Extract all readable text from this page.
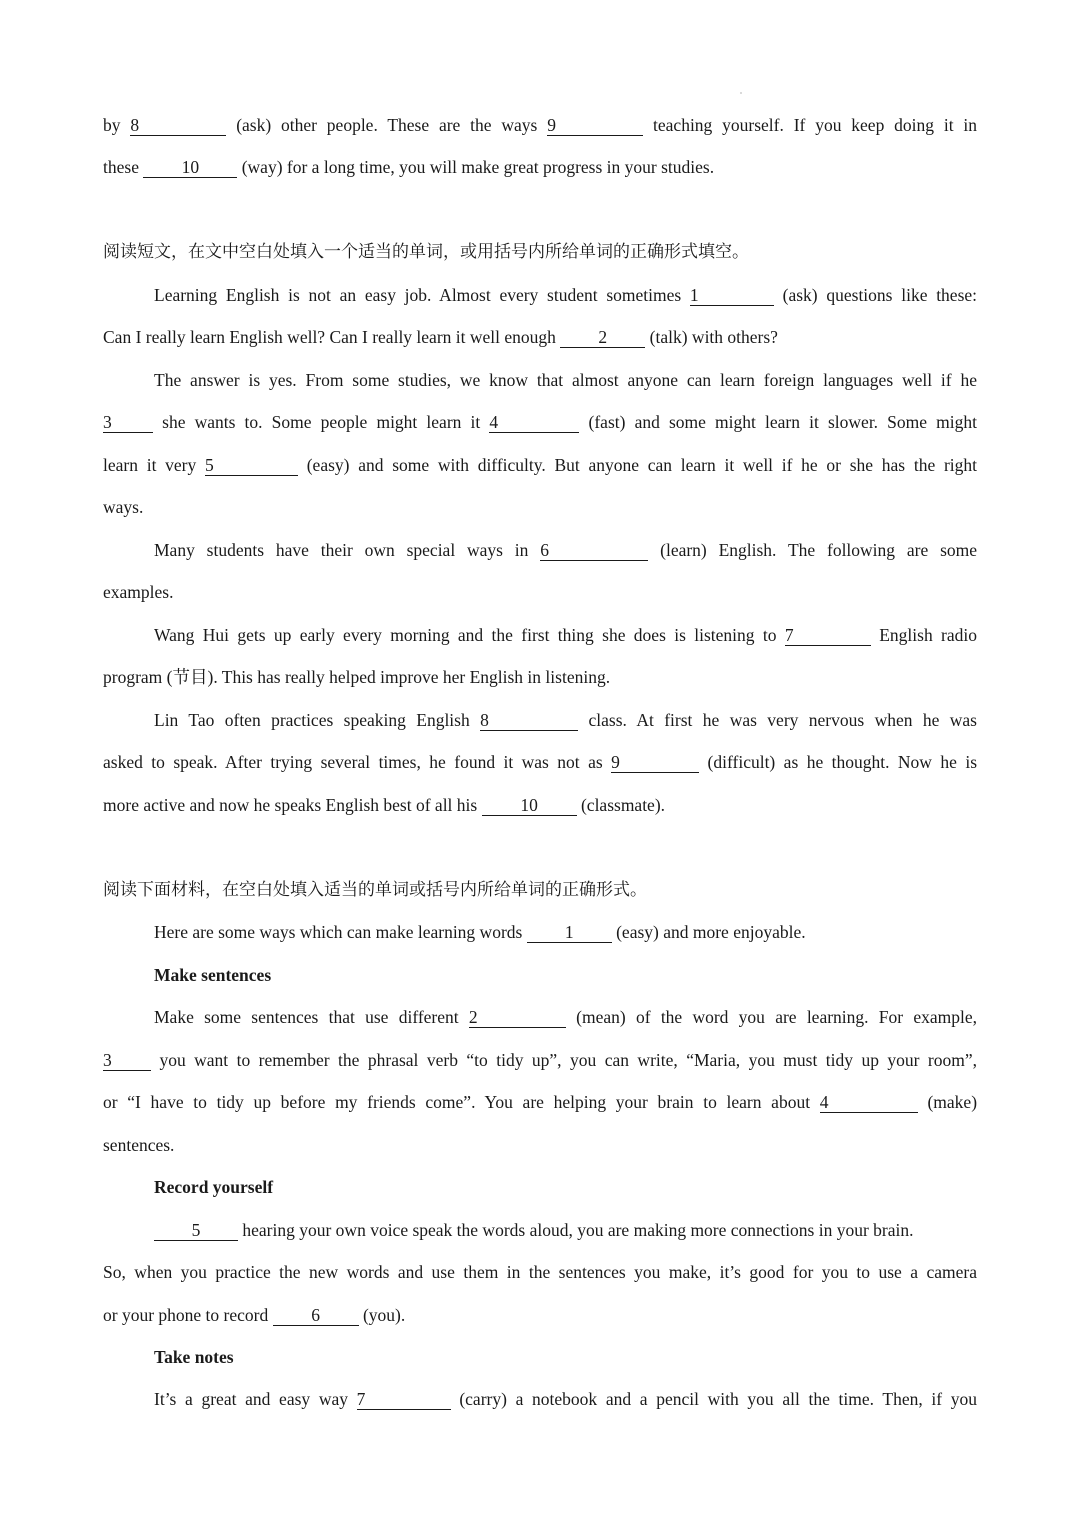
by 8	(ask) other people. These are the ways 9	teaching yourself. If you keep doing it in
these 10 (way) for a long time, you will make great progress in your studies.
阅读短文，在文中空白处填入一个适当的单词，或用括号内所给单词的正确形式填空。
Learning English is not an easy job. Almost every student sometimes 1	(ask) questions like these:
Can I really learn English well? Can I really learn it well enough 2 (talk) with others?
The answer is yes. From some studies, we know that almost anyone can learn foreign languages well if he
3	she wants to. Some people might learn it 4	(fast) and some might learn it slower. Some might
learn it very 5	(easy) and some with difficulty. But anyone can learn it well if he or she has the right
ways.
Many students have their own special ways in 6	(learn) English. The following are some
examples.
Wang Hui gets up early every morning and the first thing she does is listening to 7	English radio
program (节目). This has really helped improve her English in listening.
Lin Tao often practices speaking English 8	class. At first he was very nervous when he was
asked to speak. After trying several times, he found it was not as 9	(difficult) as he thought. Now he is
more active and now he speaks English best of all his 10 (classmate).
阅读下面材料，在空白处填入适当的单词或括号内所给单词的正确形式。
Here are some ways which can make learning words 1 (easy) and more enjoyable.
Make sentences
Make some sentences that use different 2	(mean) of the word you are learning. For example,
3	you want to remember the phrasal verb “to tidy up”, you can write, “Maria, you must tidy up your room”,
or “I have to tidy up before my friends come”. You are helping your brain to learn about 4	(make)
sentences.
Record yourself
5 hearing your own voice speak the words aloud, you are making more connections in your brain.
So, when you practice the new words and use them in the sentences you make, it’s good for you to use a camera
or your phone to record 6 (you).
Take notes
It’s a great and easy way 7	(carry) a notebook and a pencil with you all the time. Then, if you
